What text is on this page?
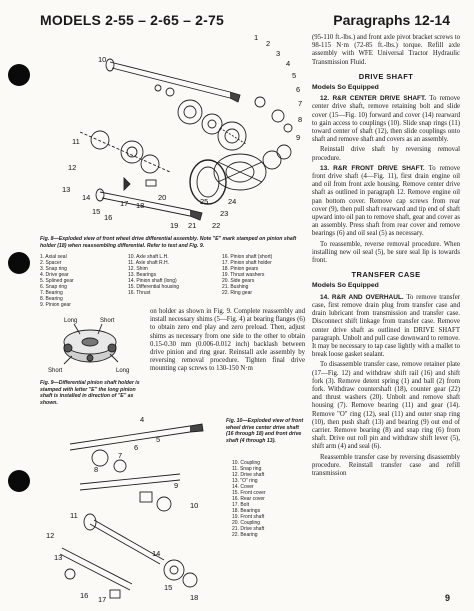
MODELS 2-55 – 2-65 – 2-75	Paragraphs 12-14
10
11
12
13
14
15
16
17 18
19
20
21 22
23
24
25
1
2
3
4
5
6
7
8
9
Fig. 8—Exploded view of front wheel drive differential assembly. Note "E" mark stamped on pinion shaft holder (18) when reassembling differential. Refer to text and Fig. 9.
1. Axial seal
2. Spacer
3. Snap ring
4. Drive gear
5. Splined gear
6. Snap ring
7. Bearing
8. Bearing
9. Pinion gear
10. Axle shaft L.H.
11. Axle shaft R.H.
12. Shim
13. Bearings
14. Pinion shaft (long)
15. Differential housing
16. Thrust
16. Pinion shaft (short)
17. Pinion shaft holder
18. Pinion gears
19. Thrust washers
20. Side gears
21. Bushing
22. Ring gear
Long	Short
Short	Long
Fig. 9—Differential pinion shaft holder is stamped with letter "E" the long pinion shaft is installed in direction of "E" as shown.
on holder as shown in Fig. 9. Complete reassembly and install necessary shims (5—Fig. 4) at bearing flanges (6) to obtain zero end play and zero preload. Then, adjust shims as necessary from one side to the other to obtain 0.15-0.30 mm (0.006-0.012 inch) backlash between drive pinion and ring gear. Reinstall axle assembly by reversing removal procedure. Tighten final drive mounting cap screws to 130-150 N·m
4
5
6
7
8
9
10
11
12
13	14
15
16 17	18
Fig. 10—Exploded view of front wheel drive center drive shaft (16 through 18) and front drive shaft (4 through 13).
10. Coupling
11. Snap ring
12. Drive shaft
13. "O" ring
14. Cover
15. Front cover
16. Rear cover
17. Bolt
18. Bearings
19. Front shaft
20. Coupling
21. Drive shaft
22. Bearing
(95-110 ft.-lbs.) and front axle pivot bracket screws to 98-115 N·m (72-85 ft.-lbs.) torque. Refill axle assembly with WFE Universal Tractor Hydraulic Transmission Fluid.
DRIVE SHAFT
Models So Equipped
12. R&R CENTER DRIVE SHAFT. To remove center drive shaft, remove retaining bolt and slide cover (15—Fig. 10) forward and cover (14) rearward to gain access to couplings (10). Slide snap rings (11) toward center of shaft (12), then slide couplings onto shaft and remove shaft and covers as an assembly.
Reinstall drive shaft by reversing removal procedure.
13. R&R FRONT DRIVE SHAFT. To remove front drive shaft (4—Fig. 11), first drain engine oil and oil from front axle housing. Remove center drive shaft as outlined in paragraph 12. Remove engine oil pan bottom cover. Remove cap screws from rear cover (9), then pull shaft rearward and tip end of shaft upward into oil pan to remove shaft, gear and cover as an assembly. Press shaft from rear cover and remove bearings (6) and oil seal (5) as necessary.
To reassemble, reverse removal procedure. When installing new oil seal (5), be sure seal lip is towards front.
TRANSFER CASE
Models So Equipped
14. R&R AND OVERHAUL. To remove transfer case, first remove drain plug from transfer case and drain lubricant from transmission and transfer case. Disconnect shift linkage from transfer case. Remove center drive shaft as outlined in DRIVE SHAFT paragraph. Unbolt and pull case downward to remove. It may be necessary to tap case lightly with a mallet to break loose gasket sealant.
To disassemble transfer case, remove retainer plate (17—Fig. 12) and withdraw shift rail (16) and shift fork (3). Remove detent spring (1) and ball (2) from fork. Withdraw countershaft (18), counter gear (22) and thrust washers (20). Unbolt and remove shaft housing (7). Remove bearing (11) and gear (14). Remove "O" ring (12), seal (11) and outer snap ring (10), then push shaft (13) and bearing (9) out end of carrier. Remove bearing (8) and snap ring (6) from shaft. Drive out roll pin and withdraw shift lever (5), shift arm (4) and seal (6).
Reassemble transfer case by reversing disassembly procedure. Reinstall transfer case and refill transmission
9
